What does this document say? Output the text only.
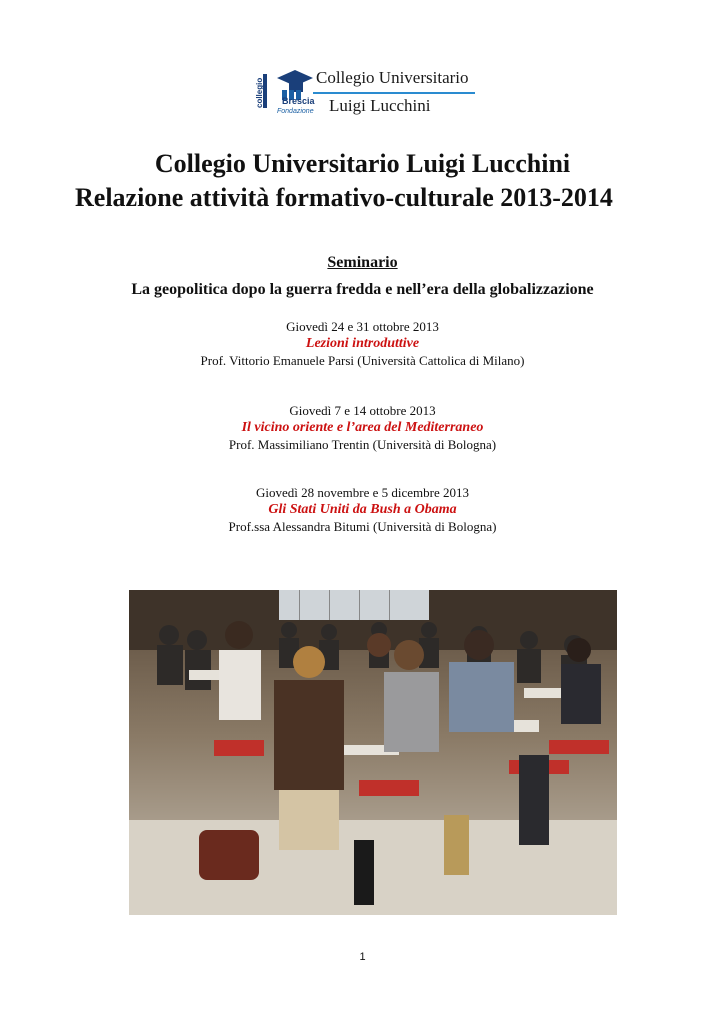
collegio Brescia
Fondazione
Collegio Universitario
Luigi Lucchini
Collegio Universitario Luigi Lucchini
Relazione attività formativo-culturale 2013-2014
Seminario
La geopolitica dopo la guerra fredda e nell’era della globalizzazione
Giovedì 24 e 31 ottobre 2013
Lezioni introduttive
Prof. Vittorio Emanuele Parsi (Università Cattolica di Milano)
Giovedì 7 e 14 ottobre 2013
Il vicino oriente e l’area del Mediterraneo
Prof. Massimiliano Trentin (Università di Bologna)
Giovedì 28 novembre e 5 dicembre 2013
Gli Stati Uniti da Bush a Obama
Prof.ssa Alessandra Bitumi (Università di Bologna)
1
